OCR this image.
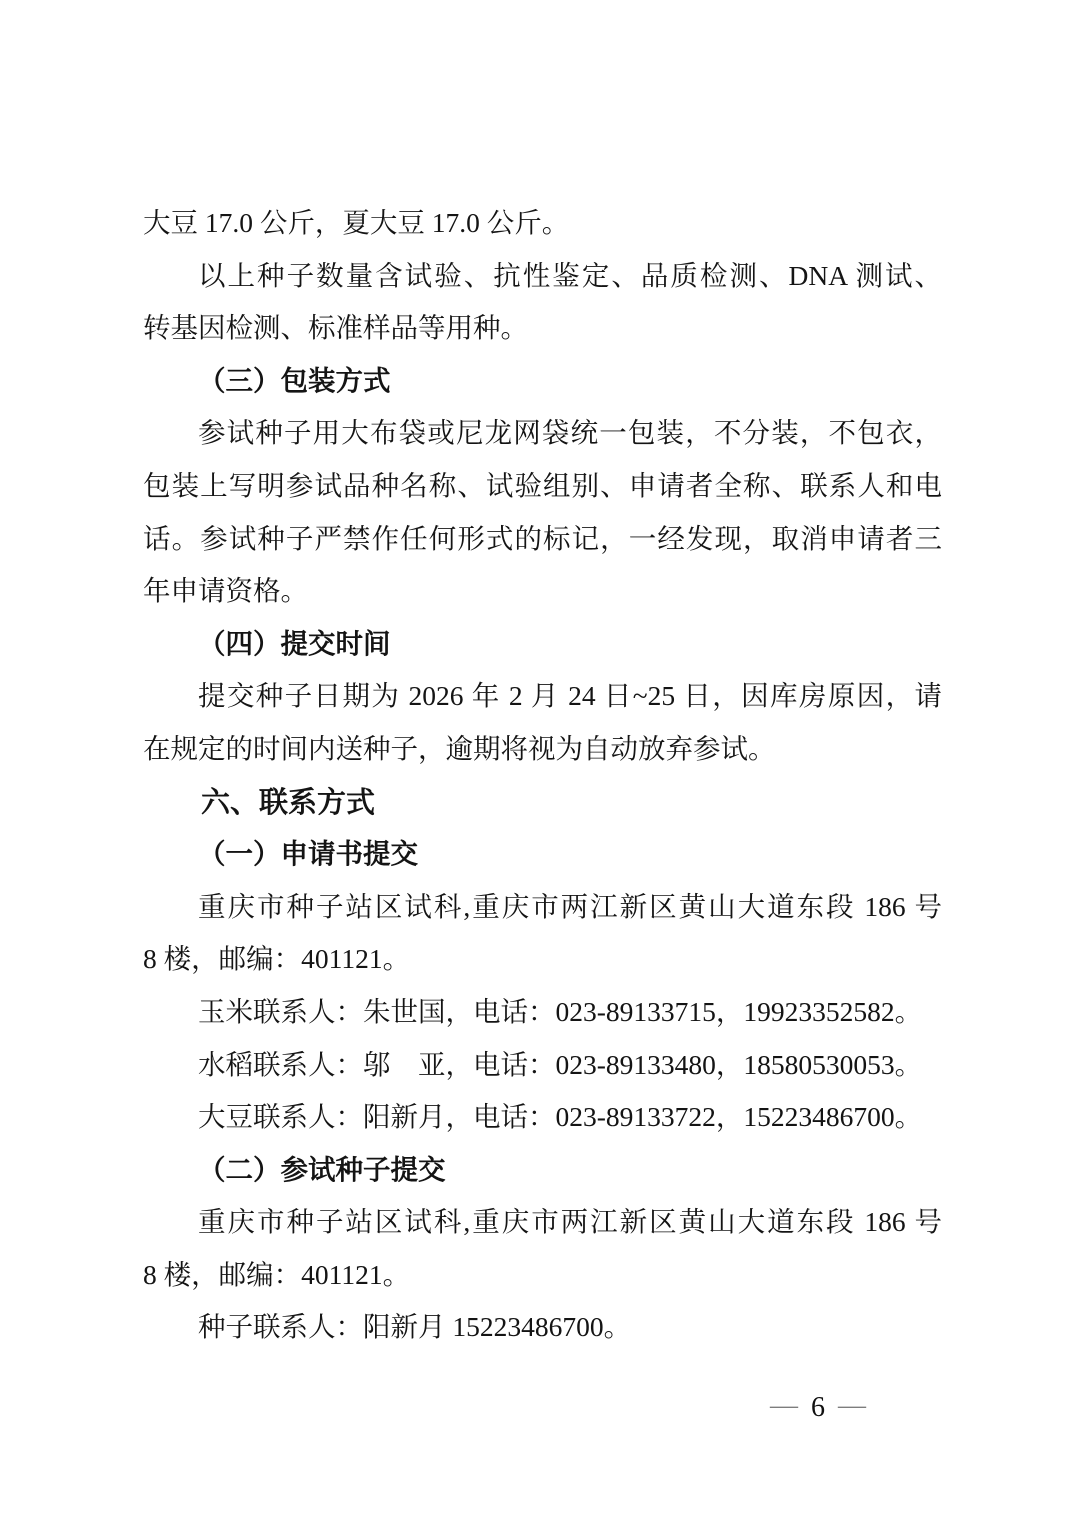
大豆 17.0 公斤，夏大豆 17.0 公斤。
以上种子数量含试验、抗性鉴定、品质检测、DNA 测试、
转基因检测、标准样品等用种。
（三）包装方式
参试种子用大布袋或尼龙网袋统一包装，不分装，不包衣，
包装上写明参试品种名称、试验组别、申请者全称、联系人和电
话。参试种子严禁作任何形式的标记，一经发现，取消申请者三
年申请资格。
（四）提交时间
提交种子日期为 2026 年 2 月 24 日~25 日，因库房原因，请
在规定的时间内送种子，逾期将视为自动放弃参试。
六、联系方式
（一）申请书提交
重庆市种子站区试科,重庆市两江新区黄山大道东段 186 号
8 楼，邮编：401121。
玉米联系人：朱世国，电话：023-89133715，19923352582。
水稻联系人：邬　亚，电话：023-89133480，18580530053。
大豆联系人：阳新月，电话：023-89133722，15223486700。
（二）参试种子提交
重庆市种子站区试科,重庆市两江新区黄山大道东段 186 号
8 楼，邮编：401121。
种子联系人：阳新月 15223486700。
— 6 —
